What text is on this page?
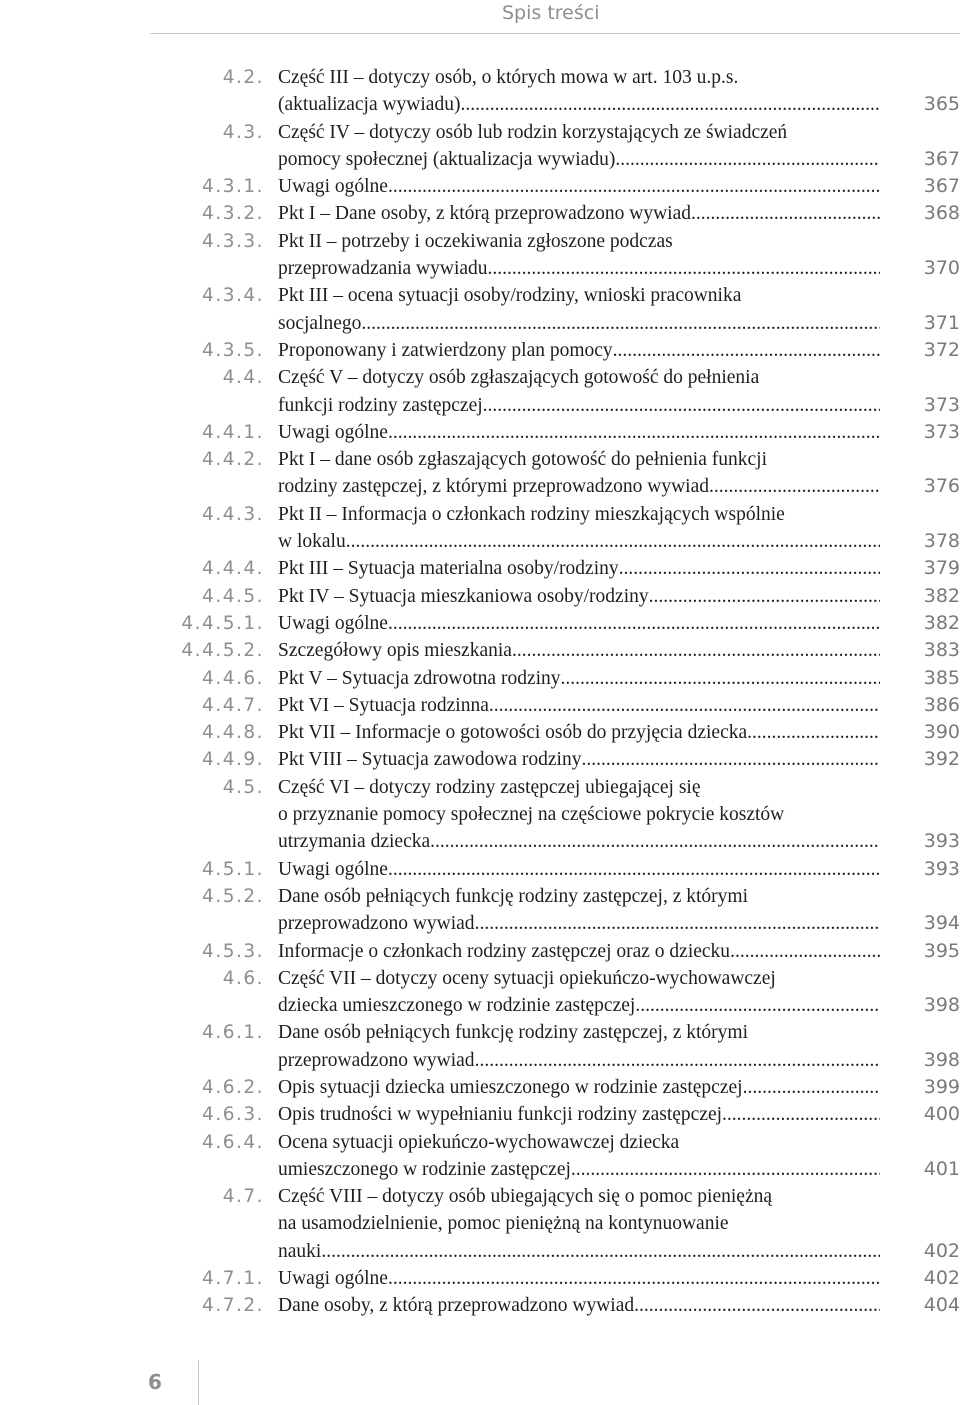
Spis treści
4.2. Część III – dotyczy osób, o których mowa w art. 103 u.p.s.
(aktualizacja wywiadu) .....	365
4.3. Część IV – dotyczy osób lub rodzin korzystających ze świadczeń
pomocy społecznej (aktualizacja wywiadu). .....	367
4.3.1. Uwagi ogólne .....	367
4.3.2. Pkt I – Dane osoby, z którą przeprowadzono wywiad .....	368
4.3.3. Pkt II – potrzeby i oczekiwania zgłoszone podczas
przeprowadzania wywiadu .....	370
4.3.4. Pkt III – ocena sytuacji osoby/rodziny, wnioski pracownika
socjalnego .....	371
4.3.5. Proponowany i zatwierdzony plan pomocy .....	372
4.4. Część V – dotyczy osób zgłaszających gotowość do pełnienia
funkcji rodziny zastępczej .....	373
4.4.1. Uwagi ogólne .....	373
4.4.2. Pkt I – dane osób zgłaszających gotowość do pełnienia funkcji
rodziny zastępczej, z którymi przeprowadzono wywiad .....	376
4.4.3. Pkt II – Informacja o członkach rodziny mieszkających wspólnie
w lokalu .....	378
4.4.4. Pkt III – Sytuacja materialna osoby/rodziny .....	379
4.4.5. Pkt IV – Sytuacja mieszkaniowa osoby/rodziny .....	382
4.4.5.1. Uwagi ogólne .....	382
4.4.5.2. Szczegółowy opis mieszkania .....	383
4.4.6. Pkt V – Sytuacja zdrowotna rodziny .....	385
4.4.7. Pkt VI – Sytuacja rodzinna .....	386
4.4.8. Pkt VII – Informacje o gotowości osób do przyjęcia dziecka .....	390
4.4.9. Pkt VIII – Sytuacja zawodowa rodziny .....	392
4.5. Część VI – dotyczy rodziny zastępczej ubiegającej się
o przyznanie pomocy społecznej na częściowe pokrycie kosztów
utrzymania dziecka .....	393
4.5.1. Uwagi ogólne .....	393
4.5.2. Dane osób pełniących funkcję rodziny zastępczej, z którymi
przeprowadzono wywiad .....	394
4.5.3. Informacje o członkach rodziny zastępczej oraz o dziecku .....	395
4.6. Część VII – dotyczy oceny sytuacji opiekuńczo-wychowawczej
dziecka umieszczonego w rodzinie zastępczej .....	398
4.6.1. Dane osób pełniących funkcję rodziny zastępczej, z którymi
przeprowadzono wywiad .....	398
4.6.2. Opis sytuacji dziecka umieszczonego w rodzinie zastępczej .....	399
4.6.3. Opis trudności w wypełnianiu funkcji rodziny zastępczej .....	400
4.6.4. Ocena sytuacji opiekuńczo-wychowawczej dziecka
umieszczonego w rodzinie zastępczej .....	401
4.7. Część VIII – dotyczy osób ubiegających się o pomoc pieniężną
na usamodzielnienie, pomoc pieniężną na kontynuowanie
nauki .....	402
4.7.1. Uwagi ogólne .....	402
4.7.2. Dane osoby, z którą przeprowadzono wywiad .....	404
6
